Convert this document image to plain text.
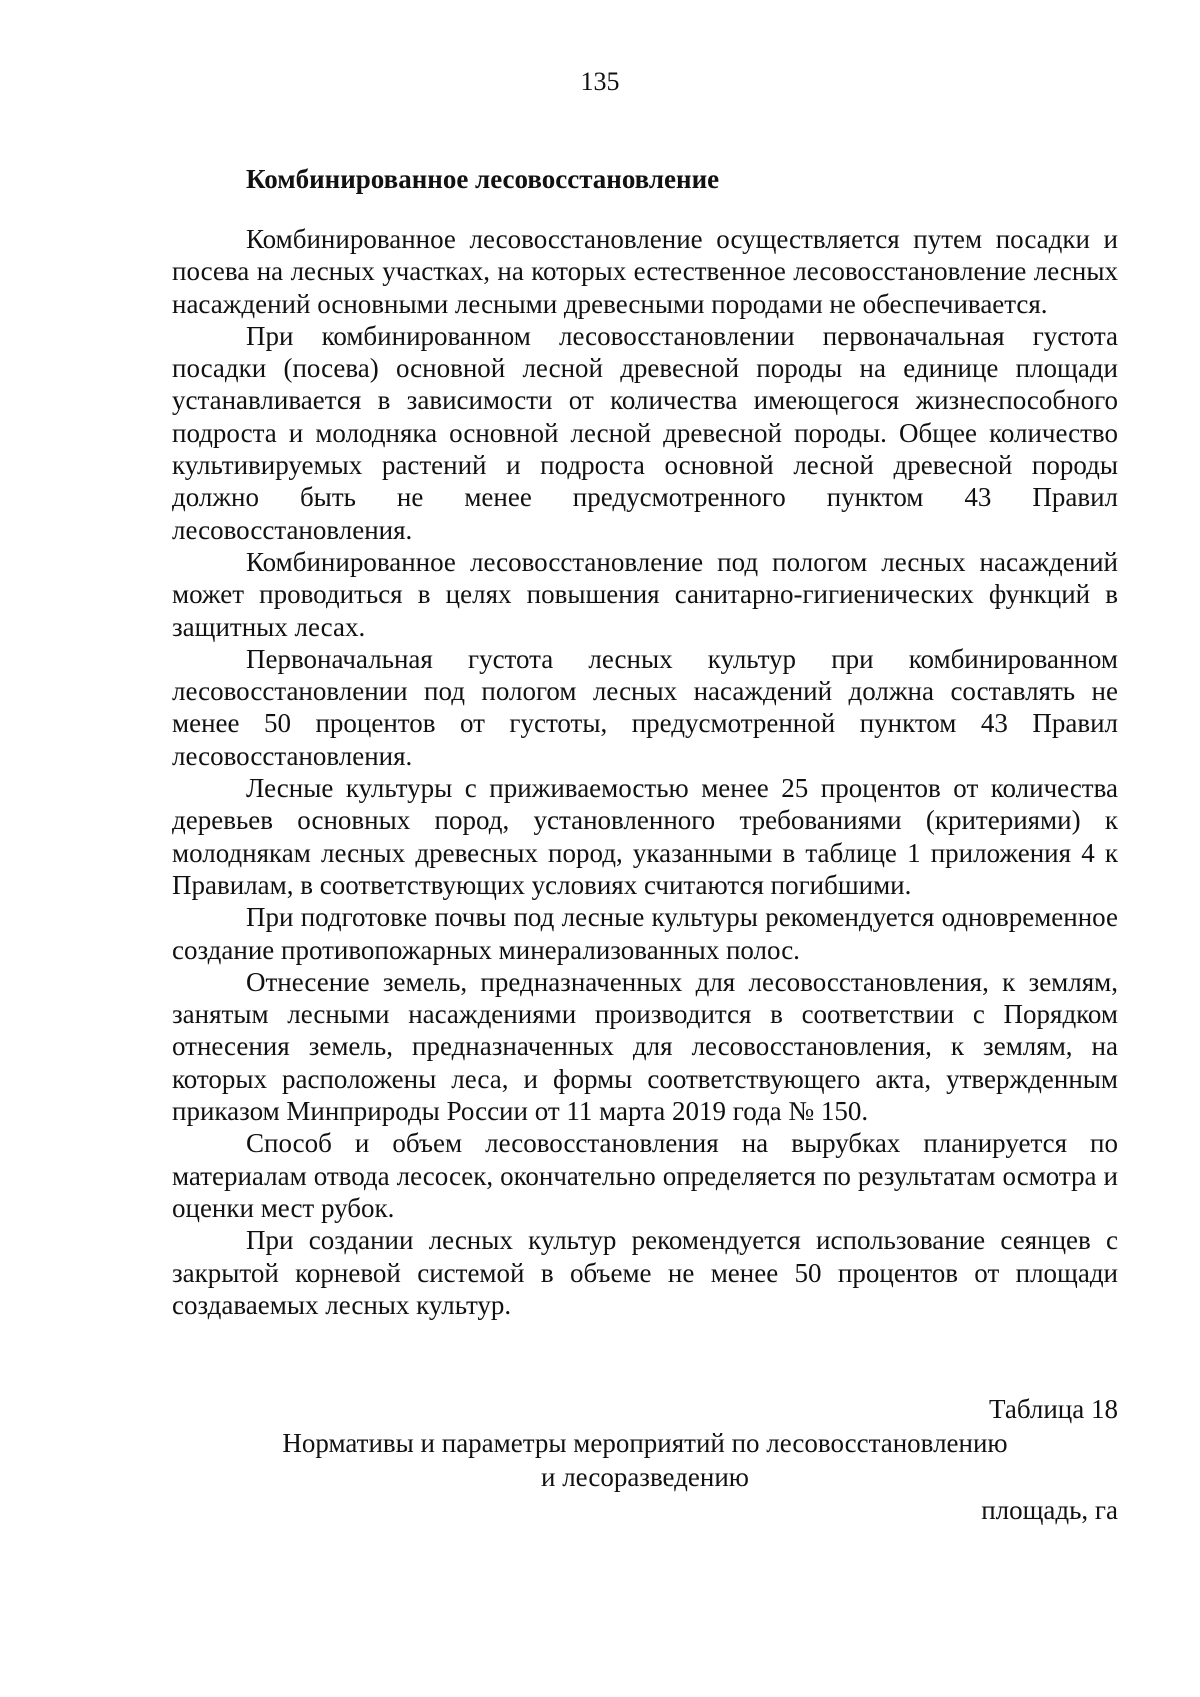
135
Комбинированное лесовосстановление

Комбинированное лесовосстановление осуществляется путем посадки и посева на лесных участках, на которых естественное лесовосстановление лесных насаждений основными лесными древесными породами не обеспечивается.

При комбинированном лесовосстановлении первоначальная густота посадки (посева) основной лесной древесной породы на единице площади устанавливается в зависимости от количества имеющегося жизнеспособного подроста и молодняка основной лесной древесной породы. Общее количество культивируемых растений и подроста основной лесной древесной породы должно быть не менее предусмотренного пунктом 43 Правил лесовосстановления.

Комбинированное лесовосстановление под пологом лесных насаждений может проводиться в целях повышения санитарно-гигиенических функций в защитных лесах.

Первоначальная густота лесных культур при комбинированном лесовосстановлении под пологом лесных насаждений должна составлять не менее 50 процентов от густоты, предусмотренной пунктом 43 Правил лесовосстановления.

Лесные культуры с приживаемостью менее 25 процентов от количества деревьев основных пород, установленного требованиями (критериями) к молоднякам лесных древесных пород, указанными в таблице 1 приложения 4 к Правилам, в соответствующих условиях считаются погибшими.

При подготовке почвы под лесные культуры рекомендуется одновременное создание противопожарных минерализованных полос.

Отнесение земель, предназначенных для лесовосстановления, к землям, занятым лесными насаждениями производится в соответствии с Порядком отнесения земель, предназначенных для лесовосстановления, к землям, на которых расположены леса, и формы соответствующего акта, утвержденным приказом Минприроды России от 11 марта 2019 года № 150.

Способ и объем лесовосстановления на вырубках планируется по материалам отвода лесосек, окончательно определяется по результатам осмотра и оценки мест рубок.

При создании лесных культур рекомендуется использование сеянцев с закрытой корневой системой в объеме не менее 50 процентов от площади создаваемых лесных культур.

Таблица 18
Нормативы и параметры мероприятий по лесовосстановлению
и лесоразведению
площадь, га
